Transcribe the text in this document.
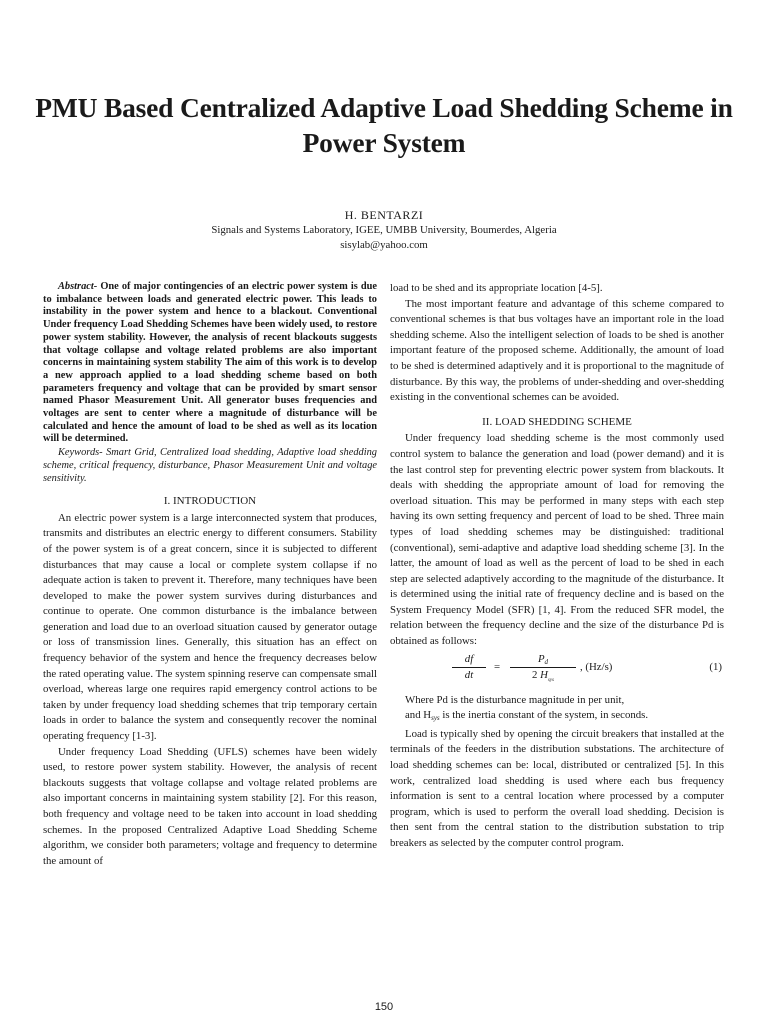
PMU Based Centralized Adaptive Load Shedding Scheme in Power System
H. BENTARZI
Signals and Systems Laboratory, IGEE, UMBB University, Boumerdes, Algeria
sisylab@yahoo.com

Abstract- One of major contingencies of an electric power system is due to imbalance between loads and generated electric power. This leads to instability in the power system and hence to a blackout. Conventional Under frequency Load Shedding Schemes have been widely used, to restore power system stability. However, the analysis of recent blackouts suggests that voltage collapse and voltage related problems are also important concerns in maintaining system stability The aim of this work is to develop a new approach applied to a load shedding scheme based on both parameters frequency and voltage that can be provided by smart sensor named Phasor Measurement Unit. All generator buses frequencies and voltages are sent to center where a magnitude of disturbance will be calculated and hence the amount of load to be shed as well as its location will be determined.

Keywords- Smart Grid, Centralized load shedding, Adaptive load shedding scheme, critical frequency, disturbance, Phasor Measurement Unit and voltage sensitivity.

I. INTRODUCTION

An electric power system is a large interconnected system that produces, transmits and distributes an electric energy to different consumers. Stability of the power system is of a great concern, since it is subjected to different disturbances that may cause a local or complete system collapse if no adequate action is taken to prevent it. Therefore, many techniques have been developed to make the power system survives during disturbances and continue to operate. One common disturbance is the imbalance between generation and load due to an overload situation caused by generator outage or loss of transmission lines. Generally, this situation has an effect on frequency behavior of the system and hence the frequency decreases below the rated operating value. The system spinning reserve can compensate small overload, whereas large one requires rapid emergency control actions to be taken by under frequency load shedding schemes that trip temporary certain loads in order to balance the system and consequently recover the nominal operating frequency [1-3].

Under frequency Load Shedding (UFLS) schemes have been widely used, to restore power system stability. However, the analysis of recent blackouts suggests that voltage collapse and voltage related problems are also important concerns in maintaining system stability [2]. For this reason, both frequency and voltage need to be taken into account in load shedding schemes. In the proposed Centralized Adaptive Load Shedding Scheme algorithm, we consider both parameters; voltage and frequency to determine the amount of

load to be shed and its appropriate location [4-5].

The most important feature and advantage of this scheme compared to conventional schemes is that bus voltages have an important role in the load shedding scheme. Also the intelligent selection of loads to be shed is another important feature of the proposed scheme. Additionally, the amount of load to be shed is determined adaptively and it is proportional to the magnitude of disturbance. By this way, the problems of under-shedding and over-shedding existing in the conventional schemes can be avoided.

II. LOAD SHEDDING SCHEME

Under frequency load shedding scheme is the most commonly used control system to balance the generation and load (power demand) and it is the last control step for preventing electric power system from blackouts. It deals with shedding the appropriate amount of load for removing the overload situation. This may be performed in many steps with each step having its own setting frequency and percent of load to be shed. Three main types of load shedding schemes may be distinguished: traditional (conventional), semi-adaptive and adaptive load shedding scheme [3]. In the latter, the amount of load as well as the percent of load to be shed in each step are selected adaptively according to the magnitude of the disturbance. It is determined using the initial rate of frequency decline and is based on the System Frequency Model (SFR) [1, 4]. From the reduced SFR model, the relation between the frequency decline and the size of the disturbance Pd is obtained as follows:

df
dt
=
$P_d$
2 $H_{sys}$
, (Hz/s)	(1)

Where Pd is the disturbance magnitude in per unit,

and $H_{sys}$ is the inertia constant of the system, in seconds.

Load is typically shed by opening the circuit breakers that installed at the terminals of the feeders in the distribution substations. The architecture of load shedding schemes can be: local, distributed or centralized [5]. In this work, centralized load shedding is used where each bus frequency information is sent to a central location where processed by a computer program, which is used to perform the overall load shedding. Decision is then sent from the central station to the distribution substation to trip breakers as selected by the computer control program.

150
